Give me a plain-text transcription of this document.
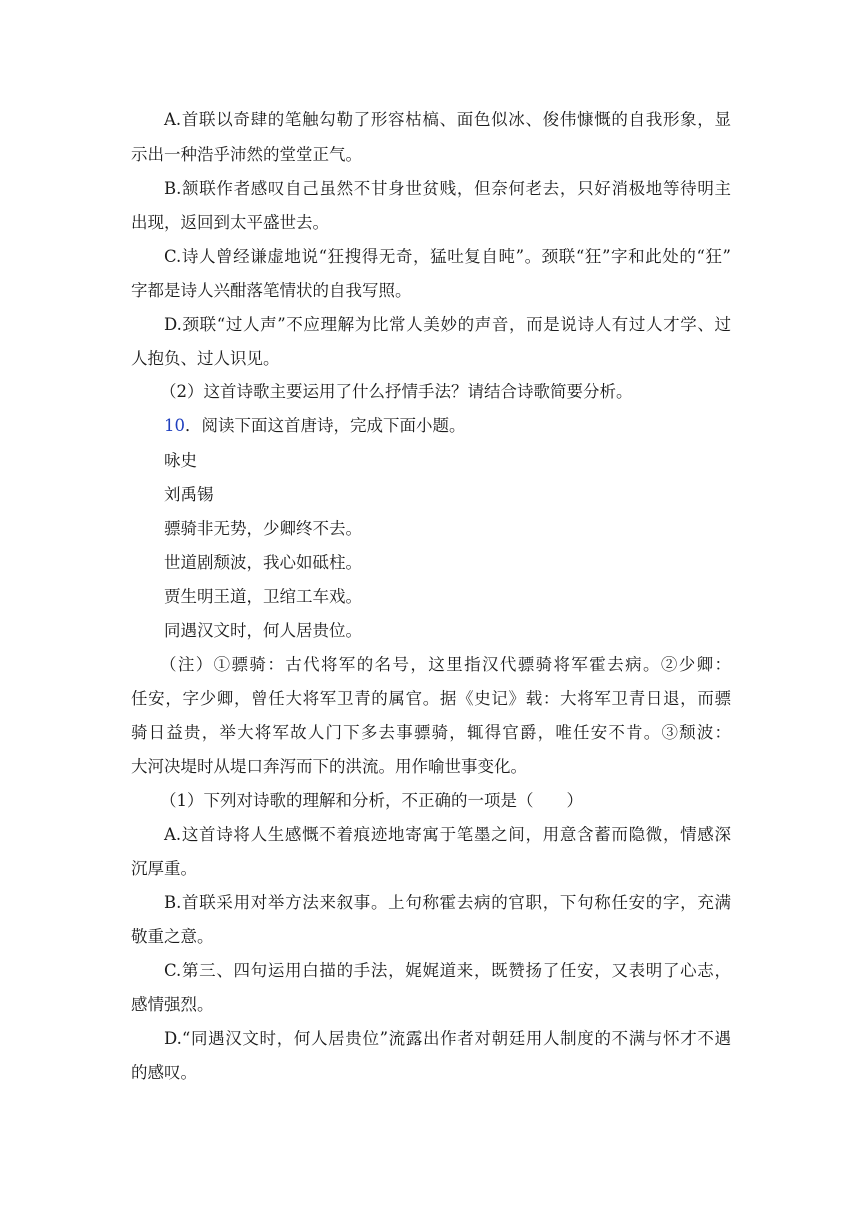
A.首联以奇肆的笔触勾勒了形容枯槁、面色似冰、俊伟慷慨的自我形象，显
示出一种浩乎沛然的堂堂正气。
B.颔联作者感叹自己虽然不甘身世贫贱，但奈何老去，只好消极地等待明主
出现，返回到太平盛世去。
C.诗人曾经谦虚地说“狂搜得无奇，猛吐复自旽”。颈联“狂”字和此处的“狂”
字都是诗人兴酣落笔情状的自我写照。
D.颈联“过人声”不应理解为比常人美妙的声音，而是说诗人有过人才学、过
人抱负、过人识见。
（2）这首诗歌主要运用了什么抒情手法？请结合诗歌简要分析。
10．阅读下面这首唐诗，完成下面小题。
咏史
刘禹锡
骠骑非无势，少卿终不去。
世道剧颓波，我心如砥柱。
贾生明王道，卫绾工车戏。
同遇汉文时，何人居贵位。
（注）①骠骑：古代将军的名号，这里指汉代骠骑将军霍去病。②少卿：
任安，字少卿，曾任大将军卫青的属官。据《史记》载：大将军卫青日退，而骠
骑日益贵，举大将军故人门下多去事骠骑，辄得官爵，唯任安不肯。③颓波：
大河决堤时从堤口奔泻而下的洪流。用作喻世事变化。
（1）下列对诗歌的理解和分析，不正确的一项是（　　）
A.这首诗将人生感慨不着痕迹地寄寓于笔墨之间，用意含蓄而隐微，情感深
沉厚重。
B.首联采用对举方法来叙事。上句称霍去病的官职，下句称任安的字，充满
敬重之意。
C.第三、四句运用白描的手法，娓娓道来，既赞扬了任安，又表明了心志，
感情强烈。
D.“同遇汉文时，何人居贵位”流露出作者对朝廷用人制度的不满与怀才不遇
的感叹。
